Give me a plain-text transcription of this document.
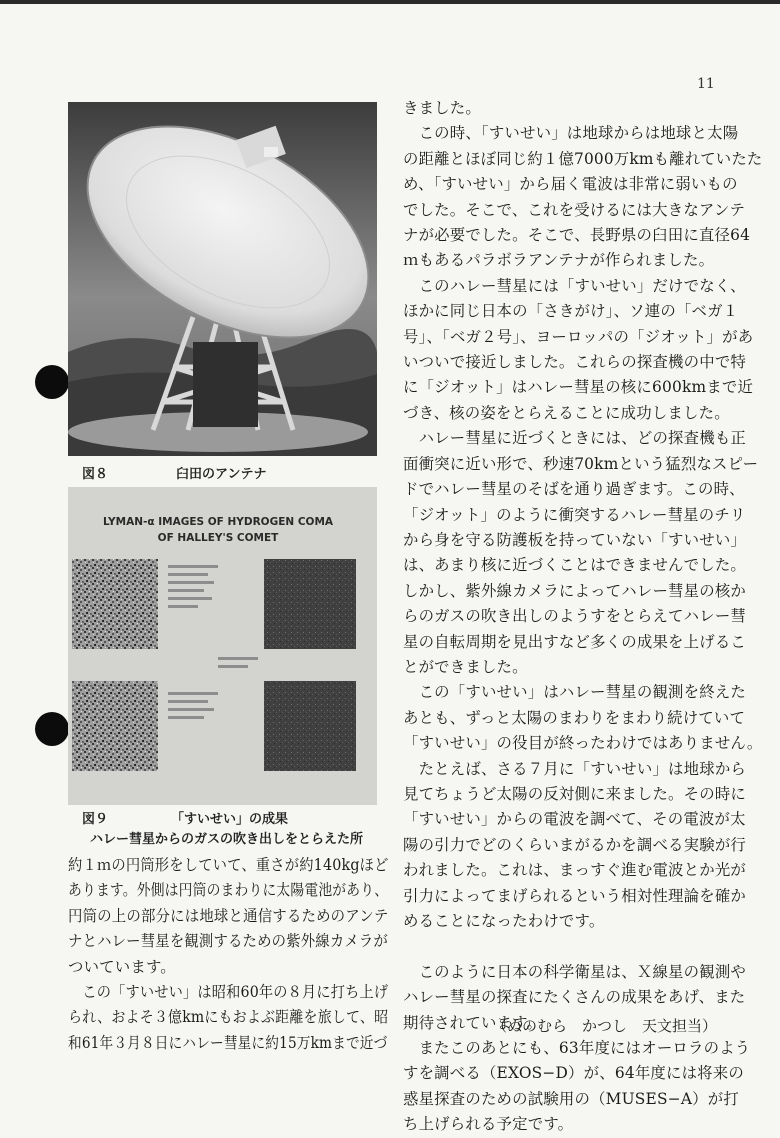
11
図８	臼田のアンテナ
LYMAN-α IMAGES OF HYDROGEN COMA
OF HALLEY'S COMET
図９	「すいせい」の成果
ハレー彗星からのガスの吹き出しをとらえた所

きました。

　この時、「すいせい」は地球からは地球と太陽

の距離とほぼ同じ約１億7000万kmも離れていたた

め、「すいせい」から届く電波は非常に弱いもの

でした。そこで、これを受けるには大きなアンテ

ナが必要でした。そこで、長野県の臼田に直径64

ｍもあるパラボラアンテナが作られました。

　このハレー彗星には「すいせい」だけでなく、

ほかに同じ日本の「さきがけ」、ソ連の「ベガ１

号」、「ベガ２号」、ヨーロッパの「ジオット」があ

いついで接近しました。これらの探査機の中で特

に「ジオット」はハレー彗星の核に600kmまで近

づき、核の姿をとらえることに成功しました。

　ハレー彗星に近づくときには、どの探査機も正

面衝突に近い形で、秒速70kmという猛烈なスピー

ドでハレー彗星のそばを通り過ぎます。この時、

「ジオット」のように衝突するハレー彗星のチリ

から身を守る防護板を持っていない「すいせい」

は、あまり核に近づくことはできませんでした。

しかし、紫外線カメラによってハレー彗星の核か

らのガスの吹き出しのようすをとらえてハレー彗

星の自転周期を見出すなど多くの成果を上げるこ

とができました。

　この「すいせい」はハレー彗星の観測を終えた

あとも、ずっと太陽のまわりをまわり続けていて

「すいせい」の役目が終ったわけではありません。

　たとえば、さる７月に「すいせい」は地球から

見てちょうど太陽の反対側に来ました。その時に

「すいせい」からの電波を調べて、その電波が太

陽の引力でどのくらいまがるかを調べる実験が行

われました。これは、まっすぐ進む電波とか光が

引力によってまげられるという相対性理論を確か

めることになったわけです。

　このように日本の科学衛星は、Ｘ線星の観測や

ハレー彗星の探査にたくさんの成果をあげ、また

期待されています。

　またこのあとにも、63年度にはオーロラのよう

すを調べる（EXOS−D）が、64年度には将来の

惑星探査のための試験用の（MUSES−A）が打

ち上げられる予定です。

約１ｍの円筒形をしていて、重さが約140kgほど

あります。外側は円筒のまわりに太陽電池があり、

円筒の上の部分には地球と通信するためのアンテ

ナとハレー彗星を観測するための紫外線カメラが

ついています。

　この「すいせい」は昭和60年の８月に打ち上げ

られ、およそ３億kmにもおよぶ距離を旅して、昭

和61年３月８日にハレー彗星に約15万kmまで近づ

（ぬのむら　かつし　天文担当）
